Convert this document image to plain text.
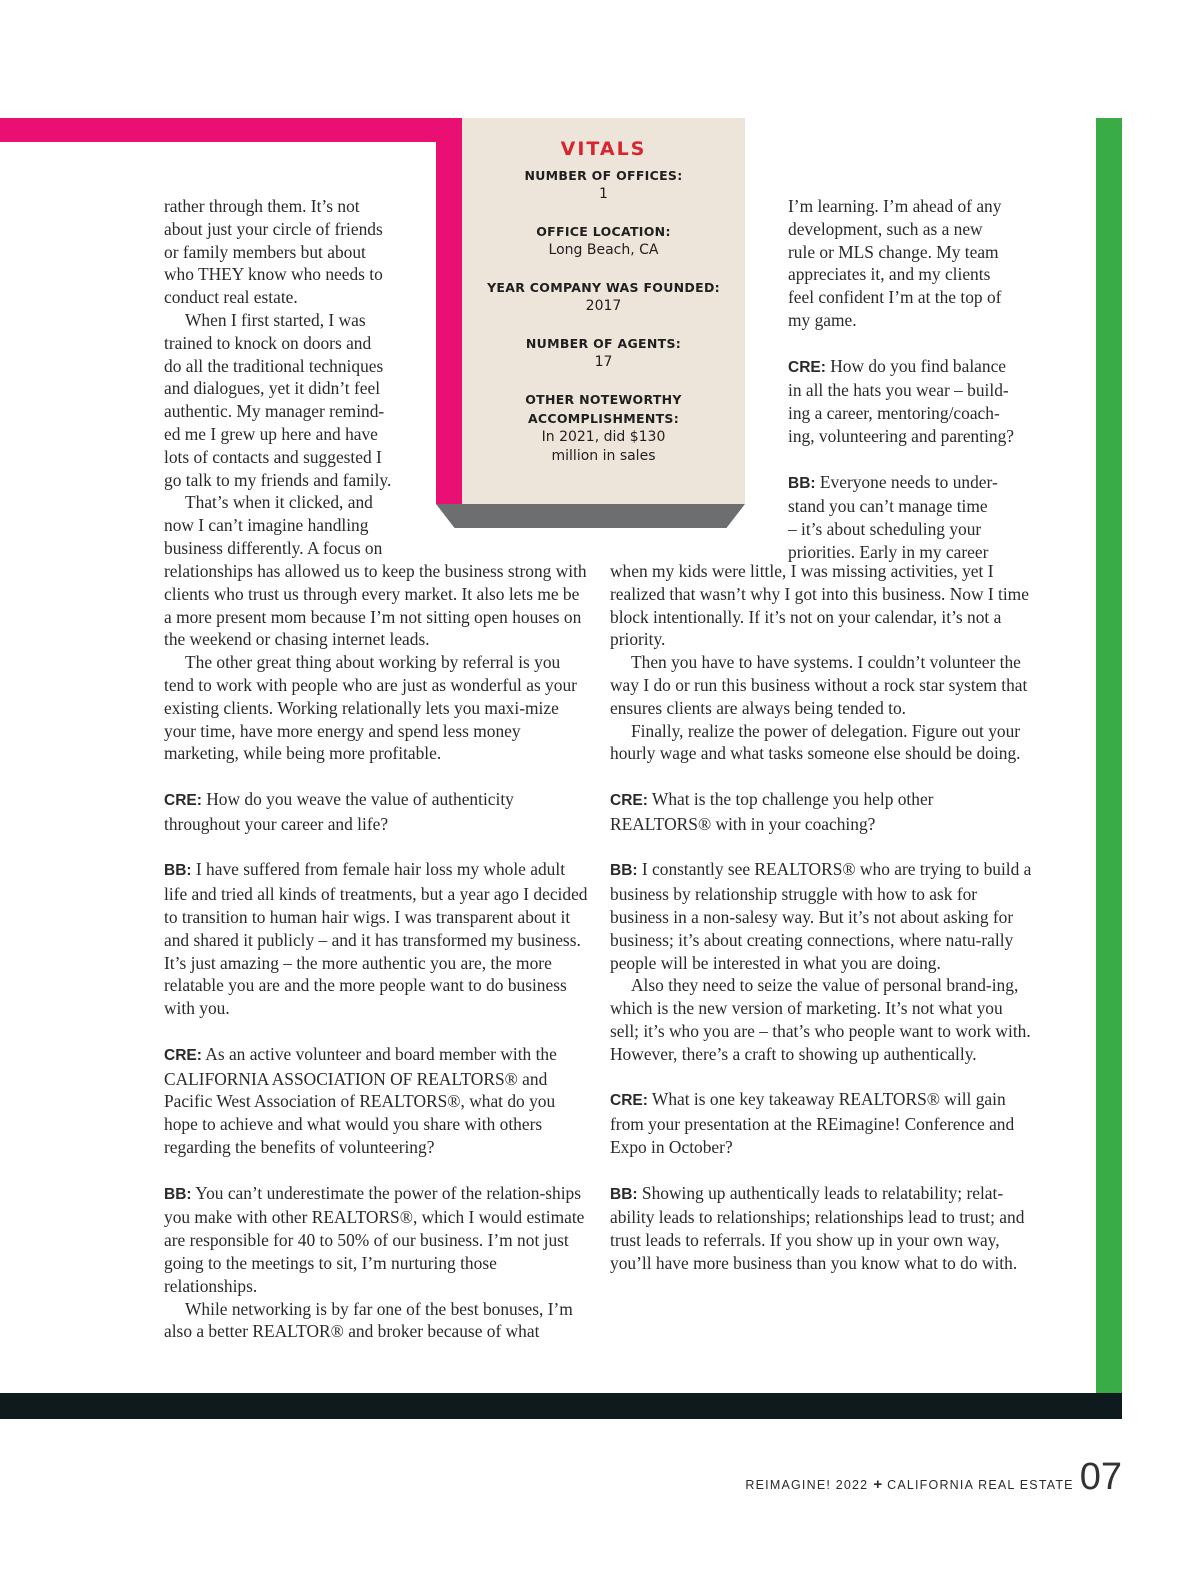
VITALS
NUMBER OF OFFICES:
1
OFFICE LOCATION:
Long Beach, CA
YEAR COMPANY WAS FOUNDED:
2017
NUMBER OF AGENTS:
17
OTHER NOTEWORTHY ACCOMPLISHMENTS:
In 2021, did $130 million in sales

rather through them. It’s not

about just your circle of friends

or family members but about

who THEY know who needs to

conduct real estate.

When I first started, I was

trained to knock on doors and

do all the traditional techniques

and dialogues, yet it didn’t feel

authentic. My manager remind-

ed me I grew up here and have

lots of contacts and suggested I

go talk to my friends and family.

That’s when it clicked, and

now I can’t imagine handling

business differently. A focus on

relationships has allowed us to keep the business strong with clients who trust us through every market. It also lets me be a more present mom because I’m not sitting open houses on the weekend or chasing internet leads.

The other great thing about working by referral is you tend to work with people who are just as wonderful as your existing clients. Working relationally lets you maxi-mize your time, have more energy and spend less money marketing, while being more profitable.

CRE: How do you weave the value of authenticity throughout your career and life?

BB: I have suffered from female hair loss my whole adult life and tried all kinds of treatments, but a year ago I decided to transition to human hair wigs. I was transparent about it and shared it publicly – and it has transformed my business. It’s just amazing – the more authentic you are, the more relatable you are and the more people want to do business with you.

CRE: As an active volunteer and board member with the CALIFORNIA ASSOCIATION OF REALTORS® and Pacific West Association of REALTORS®, what do you hope to achieve and what would you share with others regarding the benefits of volunteering?

BB: You can’t underestimate the power of the relation-ships you make with other REALTORS®, which I would estimate are responsible for 40 to 50% of our business. I’m not just going to the meetings to sit, I’m nurturing those relationships.

While networking is by far one of the best bonuses, I’m also a better REALTOR® and broker because of what

I’m learning. I’m ahead of any

development, such as a new

rule or MLS change. My team

appreciates it, and my clients

feel confident I’m at the top of

my game.

CRE: How do you find balance

in all the hats you wear – build-

ing a career, mentoring/coach-

ing, volunteering and parenting?

BB: Everyone needs to under-

stand you can’t manage time

– it’s about scheduling your

priorities. Early in my career

when my kids were little, I was missing activities, yet I realized that wasn’t why I got into this business. Now I time block intentionally. If it’s not on your calendar, it’s not a priority.

Then you have to have systems. I couldn’t volunteer the way I do or run this business without a rock star system that ensures clients are always being tended to.

Finally, realize the power of delegation. Figure out your hourly wage and what tasks someone else should be doing.

CRE: What is the top challenge you help other REALTORS® with in your coaching?

BB: I constantly see REALTORS® who are trying to build a business by relationship struggle with how to ask for business in a non-salesy way. But it’s not about asking for business; it’s about creating connections, where natu-rally people will be interested in what you are doing.

Also they need to seize the value of personal brand-ing, which is the new version of marketing. It’s not what you sell; it’s who you are – that’s who people want to work with. However, there’s a craft to showing up authentically.

CRE: What is one key takeaway REALTORS® will gain from your presentation at the REimagine! Conference and Expo in October?

BB: Showing up authentically leads to relatability; relat-ability leads to relationships; relationships lead to trust; and trust leads to referrals. If you show up in your own way, you’ll have more business than you know what to do with.

REIMAGINE! 2022 + CALIFORNIA REAL ESTATE 07
